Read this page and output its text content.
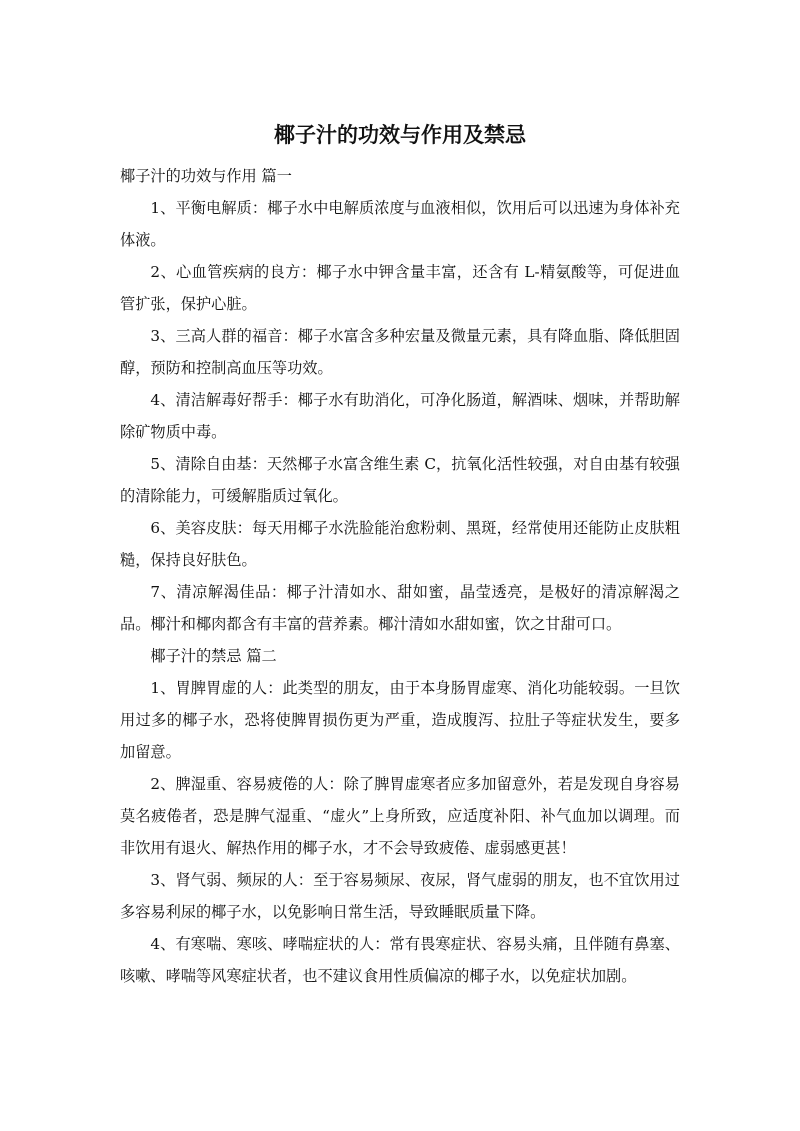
椰子汁的功效与作用及禁忌

椰子汁的功效与作用 篇一

1、平衡电解质：椰子水中电解质浓度与血液相似，饮用后可以迅速为身体补充体液。

2、心血管疾病的良方：椰子水中钾含量丰富，还含有 L-精氨酸等，可促进血管扩张，保护心脏。

3、三高人群的福音：椰子水富含多种宏量及微量元素，具有降血脂、降低胆固醇，预防和控制高血压等功效。

4、清洁解毒好帮手：椰子水有助消化，可净化肠道，解酒味、烟味，并帮助解除矿物质中毒。

5、清除自由基：天然椰子水富含维生素 C，抗氧化活性较强，对自由基有较强的清除能力，可缓解脂质过氧化。

6、美容皮肤：每天用椰子水洗脸能治愈粉刺、黑斑，经常使用还能防止皮肤粗糙，保持良好肤色。

7、清凉解渴佳品：椰子汁清如水、甜如蜜，晶莹透亮，是极好的清凉解渴之品。椰汁和椰肉都含有丰富的营养素。椰汁清如水甜如蜜，饮之甘甜可口。

椰子汁的禁忌 篇二

1、胃脾胃虚的人：此类型的朋友，由于本身肠胃虚寒、消化功能较弱。一旦饮用过多的椰子水，恐将使脾胃损伤更为严重，造成腹泻、拉肚子等症状发生，要多加留意。

2、脾湿重、容易疲倦的人：除了脾胃虚寒者应多加留意外，若是发现自身容易莫名疲倦者，恐是脾气湿重、“虚火”上身所致，应适度补阳、补气血加以调理。而非饮用有退火、解热作用的椰子水，才不会导致疲倦、虚弱感更甚！

3、肾气弱、频尿的人：至于容易频尿、夜尿，肾气虚弱的朋友，也不宜饮用过多容易利尿的椰子水，以免影响日常生活，导致睡眠质量下降。

4、有寒喘、寒咳、哮喘症状的人：常有畏寒症状、容易头痛，且伴随有鼻塞、咳嗽、哮喘等风寒症状者，也不建议食用性质偏凉的椰子水，以免症状加剧。
